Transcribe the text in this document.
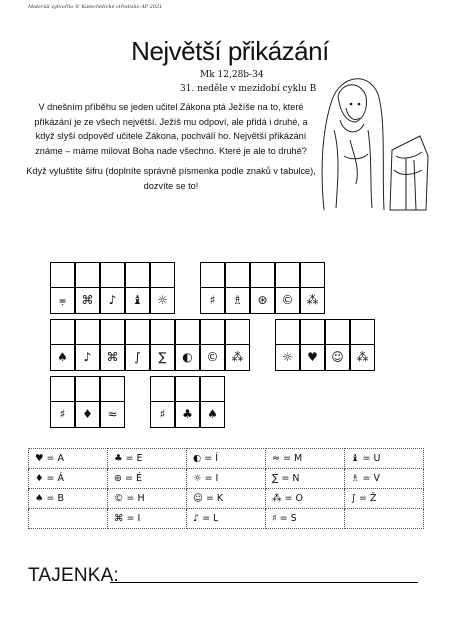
Materiál vytvořilo © Katechetické středisko AP 2021
Největší přikázání
Mk 12,28b-34
31. neděle v mezidobí cyklu B

V dnešním příběhu se jeden učitel Zákona ptá Ježíše na to, které přikázání je ze všech největší. Ježíš mu odpoví, ale přidá i druhé, a když slyší odpověď učitele Zákona, pochválí ho. Největší přikázání známe – máme milovat Boha nade všechno. Které je ale to druhé?

Když vyluštíte šifru (doplníte správně písmenka podle znaků v tabulce), dozvíte se to!

⩦	⌘	♪	♝	☼	♯	♗	⊛	©	⁂
♠	♪	⌘	∫	∑	◐	©	⁂	☼	♥	☺	⁂
♯	♦	≈	♯	♣	♠
♥ = A	♣ = E	◐ = Í	≈ = M	♝ = U
♦ = Á	⊛ = É	☼ = I	∑ = N	♗ = V
♠ = B	© = H	☺ = K	⁂ = O	∫ = Ž
	⌘ = I	♪ = L	♯ = S	
TAJENKA:
